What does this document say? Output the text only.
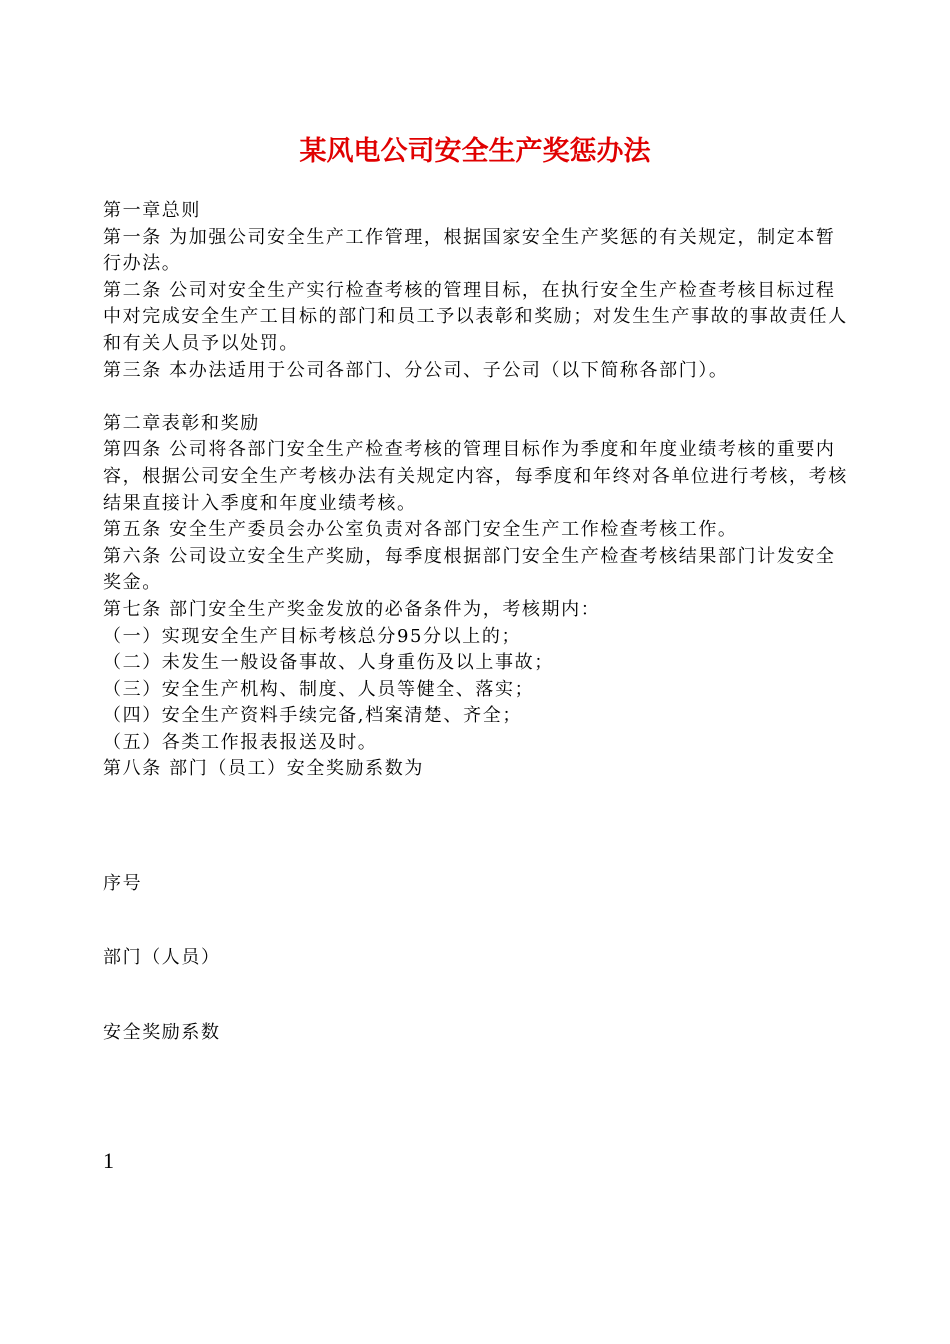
某风电公司安全生产奖惩办法

第一章总则

第一条 为加强公司安全生产工作管理，根据国家安全生产奖惩的有关规定，制定本暂行办法。

第二条 公司对安全生产实行检查考核的管理目标，在执行安全生产检查考核目标过程中对完成安全生产工目标的部门和员工予以表彰和奖励；对发生生产事故的事故责任人和有关人员予以处罚。

第三条 本办法适用于公司各部门、分公司、子公司（以下简称各部门）。

第二章表彰和奖励

第四条 公司将各部门安全生产检查考核的管理目标作为季度和年度业绩考核的重要内容，根据公司安全生产考核办法有关规定内容，每季度和年终对各单位进行考核，考核结果直接计入季度和年度业绩考核。

第五条 安全生产委员会办公室负责对各部门安全生产工作检查考核工作。

第六条 公司设立安全生产奖励，每季度根据部门安全生产检查考核结果部门计发安全奖金。

第七条 部门安全生产奖金发放的必备条件为，考核期内：

（一）实现安全生产目标考核总分95分以上的；

（二）未发生一般设备事故、人身重伤及以上事故；

（三）安全生产机构、制度、人员等健全、落实；

（四）安全生产资料手续完备,档案清楚、齐全；

（五）各类工作报表报送及时。

第八条 部门（员工）安全奖励系数为

序号

部门（人员）

安全奖励系数

1
